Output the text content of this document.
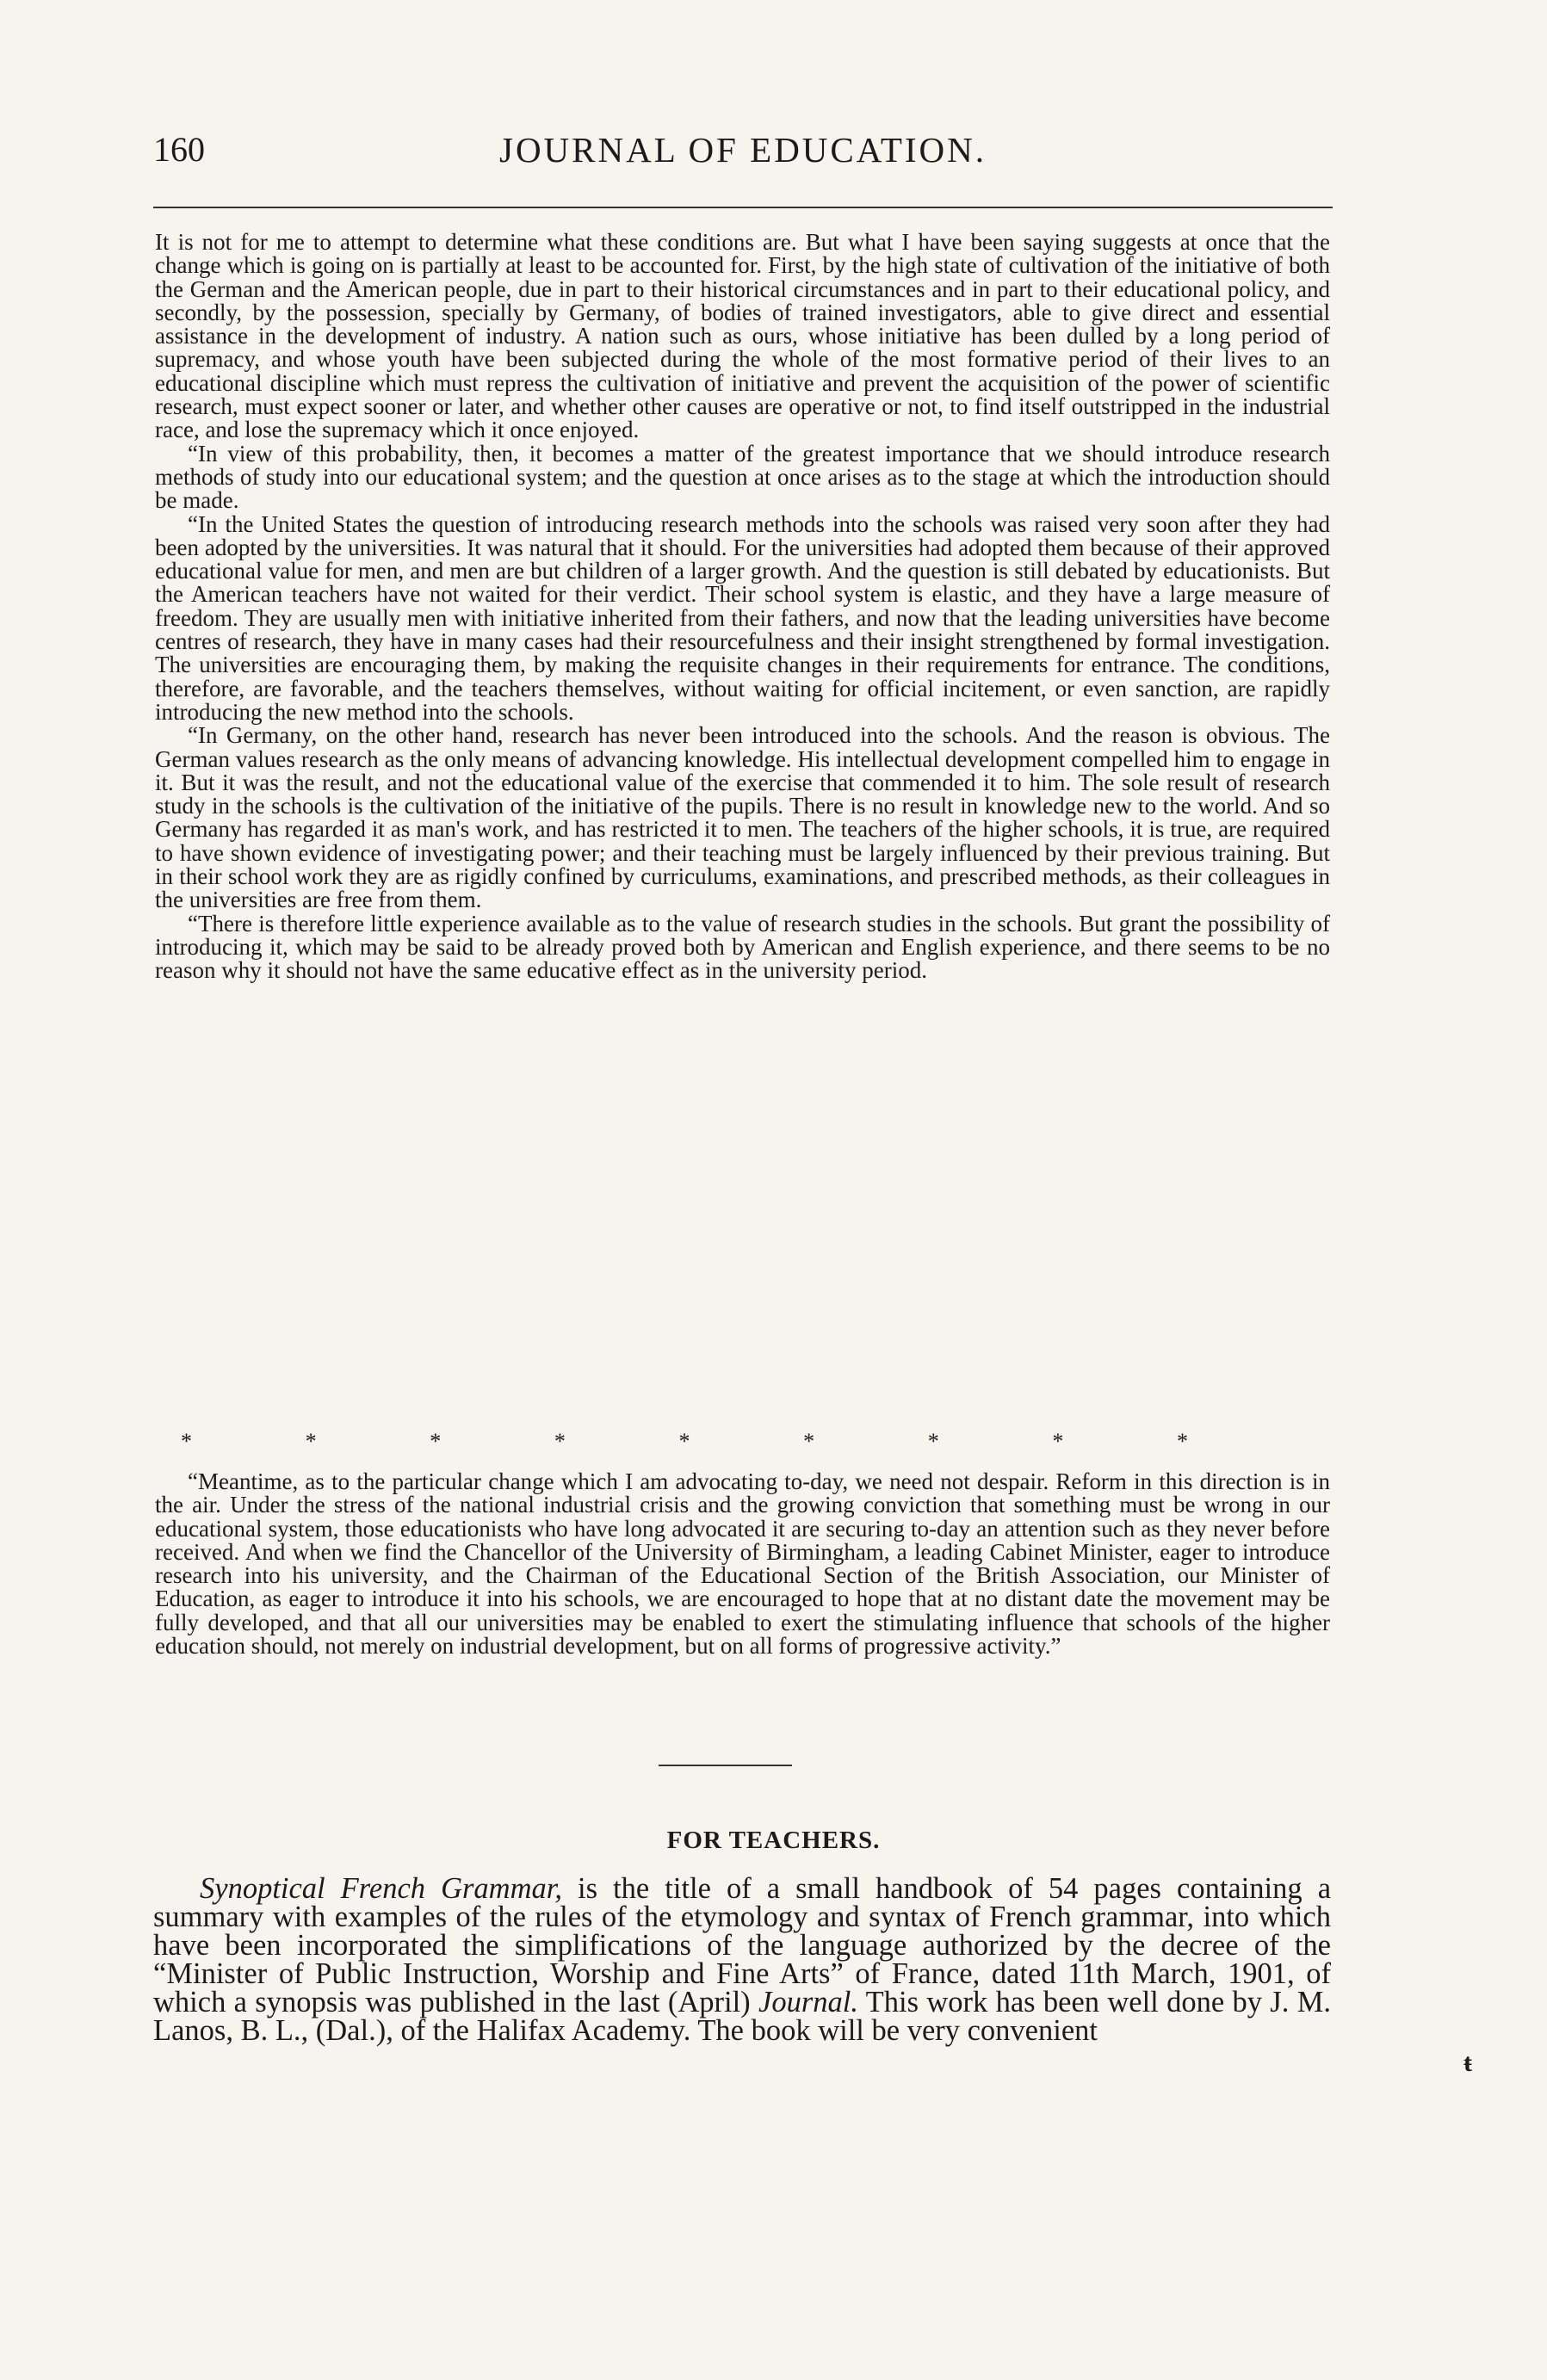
160	JOURNAL OF EDUCATION.

It is not for me to attempt to determine what these conditions are. But what I have been saying suggests at once that the change which is going on is partially at least to be accounted for. First, by the high state of cultivation of the initiative of both the German and the American people, due in part to their historical circumstances and in part to their educational policy, and secondly, by the possession, specially by Germany, of bodies of trained investigators, able to give direct and essential assistance in the development of industry. A nation such as ours, whose initiative has been dulled by a long period of supremacy, and whose youth have been subjected during the whole of the most formative period of their lives to an educational discipline which must repress the cultivation of initiative and prevent the acquisition of the power of scientific research, must expect sooner or later, and whether other causes are operative or not, to find itself outstripped in the industrial race, and lose the supremacy which it once enjoyed.

“In view of this probability, then, it becomes a matter of the greatest importance that we should introduce research methods of study into our educational system; and the question at once arises as to the stage at which the introduction should be made.

“In the United States the question of introducing research methods into the schools was raised very soon after they had been adopted by the universities. It was natural that it should. For the universities had adopted them because of their approved educational value for men, and men are but children of a larger growth. And the question is still debated by educationists. But the American teachers have not waited for their verdict. Their school system is elastic, and they have a large measure of freedom. They are usually men with initiative inherited from their fathers, and now that the leading universities have become centres of research, they have in many cases had their resourcefulness and their insight strengthened by formal investigation. The universities are encouraging them, by making the requisite changes in their requirements for entrance. The conditions, therefore, are favorable, and the teachers themselves, without waiting for official incitement, or even sanction, are rapidly introducing the new method into the schools.

“In Germany, on the other hand, research has never been introduced into the schools. And the reason is obvious. The German values research as the only means of advancing knowledge. His intellectual development compelled him to engage in it. But it was the result, and not the educational value of the exercise that commended it to him. The sole result of research study in the schools is the cultivation of the initiative of the pupils. There is no result in knowledge new to the world. And so Germany has regarded it as man's work, and has restricted it to men. The teachers of the higher schools, it is true, are required to have shown evidence of investigating power; and their teaching must be largely influenced by their previous training. But in their school work they are as rigidly confined by curriculums, examinations, and prescribed methods, as their colleagues in the universities are free from them.

“There is therefore little experience available as to the value of research studies in the schools. But grant the possibility of introducing it, which may be said to be already proved both by American and English experience, and there seems to be no reason why it should not have the same educative effect as in the university period.

*	*	*	*	*	*	*	*	*

“Meantime, as to the particular change which I am advocating to-day, we need not despair. Reform in this direction is in the air. Under the stress of the national industrial crisis and the growing conviction that something must be wrong in our educational system, those educationists who have long advocated it are securing to-day an attention such as they never before received. And when we find the Chancellor of the University of Birmingham, a leading Cabinet Minister, eager to introduce research into his university, and the Chairman of the Educational Section of the British Association, our Minister of Education, as eager to introduce it into his schools, we are encouraged to hope that at no distant date the movement may be fully developed, and that all our universities may be enabled to exert the stimulating influence that schools of the higher education should, not merely on industrial development, but on all forms of progressive activity.”

FOR TEACHERS.

Synoptical French Grammar, is the title of a small handbook of 54 pages containing a summary with examples of the rules of the etymology and syntax of French grammar, into which have been incorporated the simplifications of the language authorized by the decree of the “Minister of Public Instruction, Worship and Fine Arts” of France, dated 11th March, 1901, of which a synopsis was published in the last (April) Journal. This work has been well done by J. M. Lanos, B. L., (Dal.), of the Halifax Academy. The book will be very convenient

ŧ
